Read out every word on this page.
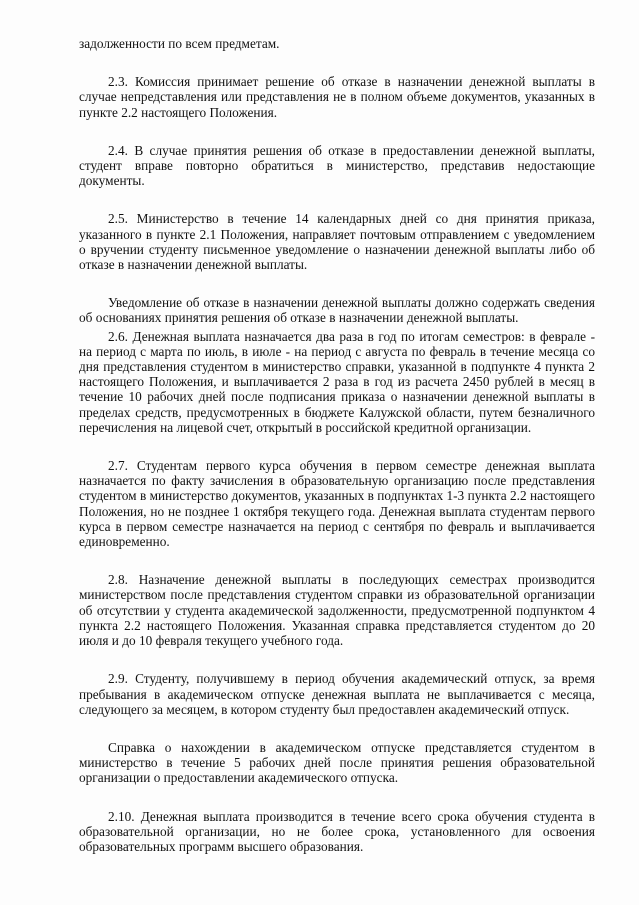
задолженности по всем предметам.

2.3. Комиссия принимает решение об отказе в назначении денежной выплаты в случае непредставления или представления не в полном объеме документов, указанных в пункте 2.2 настоящего Положения.

2.4. В случае принятия решения об отказе в предоставлении денежной выплаты, студент вправе повторно обратиться в министерство, представив недостающие документы.

2.5. Министерство в течение 14 календарных дней со дня принятия приказа, указанного в пункте 2.1 Положения, направляет почтовым отправлением с уведомлением о вручении студенту письменное уведомление о назначении денежной выплаты либо об отказе в назначении денежной выплаты.

Уведомление об отказе в назначении денежной выплаты должно содержать сведения об основаниях принятия решения об отказе в назначении денежной выплаты.

2.6. Денежная выплата назначается два раза в год по итогам семестров: в феврале - на период с марта по июль, в июле - на период с августа по февраль в течение месяца со дня представления студентом в министерство справки, указанной в подпункте 4 пункта 2 настоящего Положения, и выплачивается 2 раза в год из расчета 2450 рублей в месяц в течение 10 рабочих дней после подписания приказа о назначении денежной выплаты в пределах средств, предусмотренных в бюджете Калужской области, путем безналичного перечисления на лицевой счет, открытый в российской кредитной организации.

2.7. Студентам первого курса обучения в первом семестре денежная выплата назначается по факту зачисления в образовательную организацию после представления студентом в министерство документов, указанных в подпунктах 1-3 пункта 2.2 настоящего Положения, но не позднее 1 октября текущего года. Денежная выплата студентам первого курса в первом семестре назначается на период с сентября по февраль и выплачивается единовременно.

2.8. Назначение денежной выплаты в последующих семестрах производится министерством после представления студентом справки из образовательной организации об отсутствии у студента академической задолженности, предусмотренной подпунктом 4 пункта 2.2 настоящего Положения. Указанная справка представляется студентом до 20 июля и до 10 февраля текущего учебного года.

2.9. Студенту, получившему в период обучения академический отпуск, за время пребывания в академическом отпуске денежная выплата не выплачивается с месяца, следующего за месяцем, в котором студенту был предоставлен академический отпуск.

Справка о нахождении в академическом отпуске представляется студентом в министерство в течение 5 рабочих дней после принятия решения образовательной организации о предоставлении академического отпуска.

2.10. Денежная выплата производится в течение всего срока обучения студента в образовательной организации, но не более срока, установленного для освоения образовательных программ высшего образования.
